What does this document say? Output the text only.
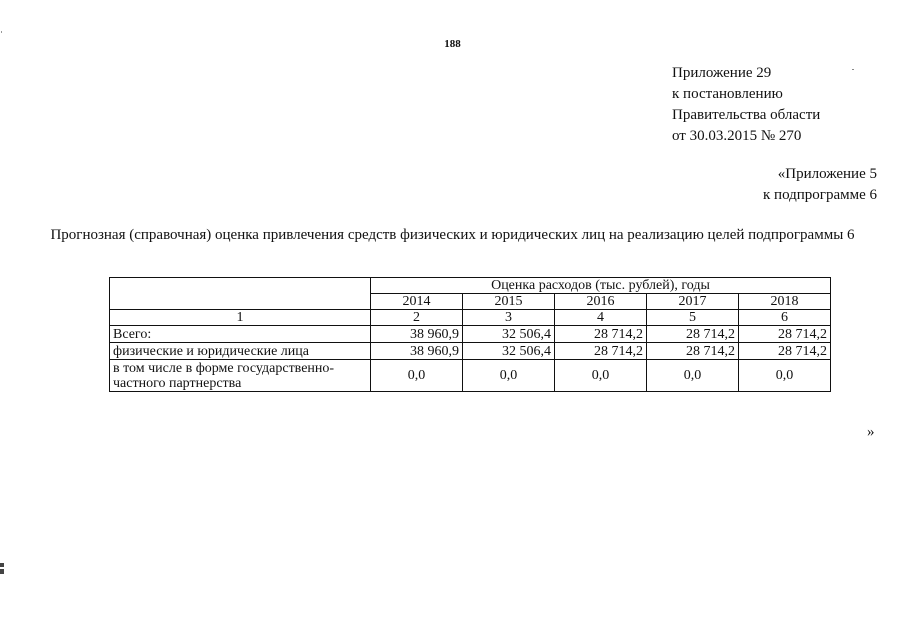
188
Приложение 29
к постановлению
Правительства области
от 30.03.2015 № 270
«Приложение 5
к подпрограмме 6
Прогнозная (справочная) оценка привлечения средств физических и юридических лиц на реализацию целей подпрограммы 6
	Оценка расходов (тыс. рублей), годы				
	2014	2015	2016	2017	2018
1	2	3	4	5	6
Всего:	38 960,9	32 506,4	28 714,2	28 714,2	28 714,2
физические и юридические лица	38 960,9	32 506,4	28 714,2	28 714,2	28 714,2
в том числе в форме государственно-частного партнерства	0,0	0,0	0,0	0,0	0,0
»
